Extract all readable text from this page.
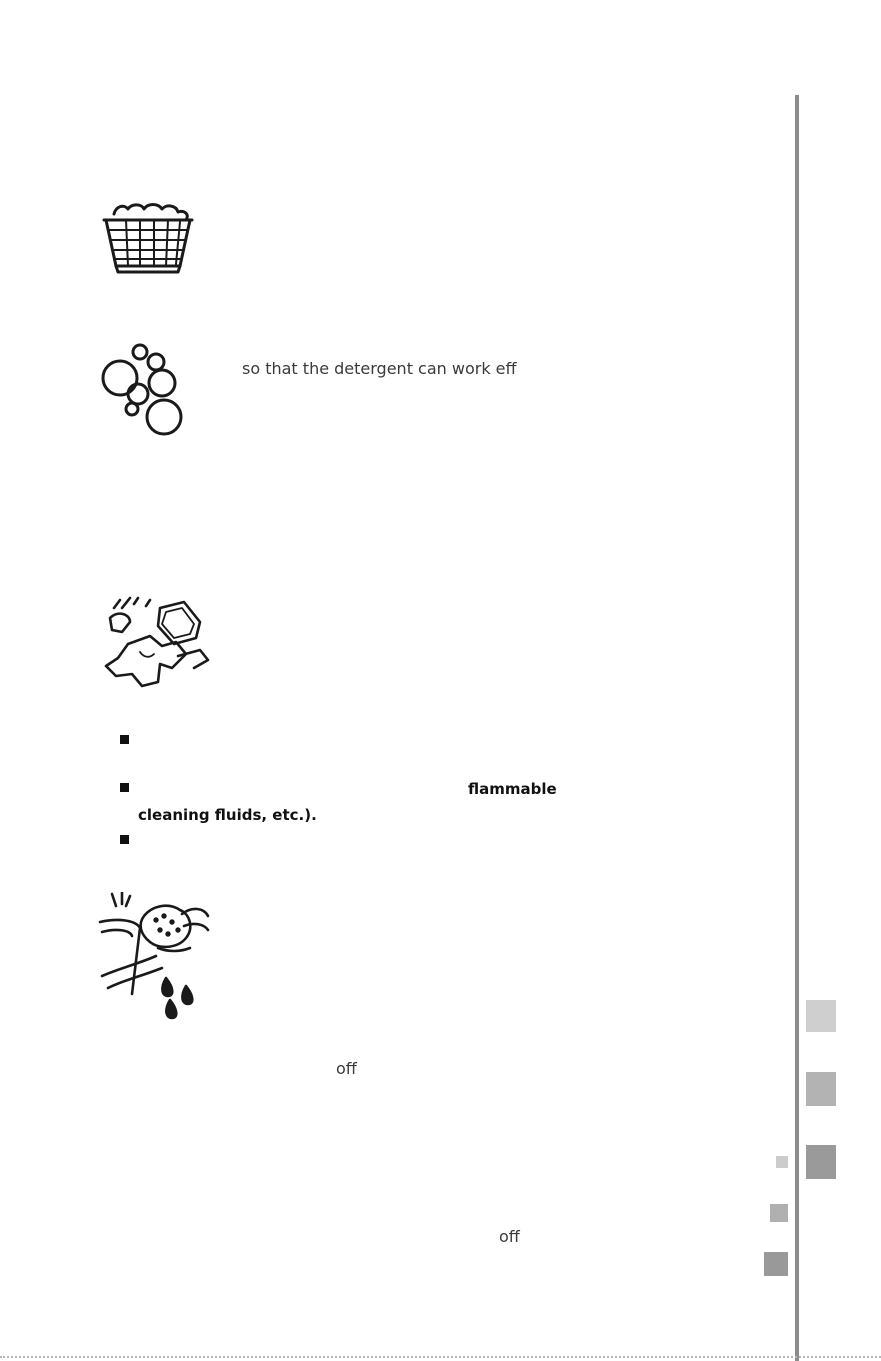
so that the detergent can work eff
flammable
cleaning fluids, etc.).
off
off
